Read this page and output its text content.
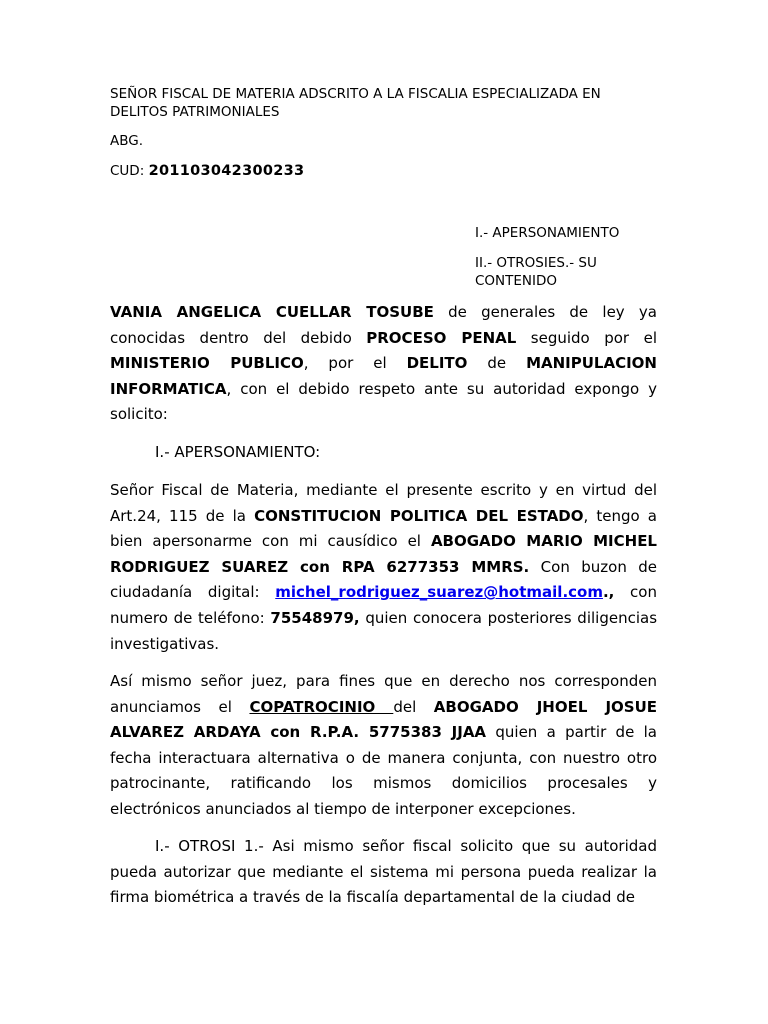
SEÑOR FISCAL DE MATERIA ADSCRITO A LA FISCALIA ESPECIALIZADA EN DELITOS PATRIMONIALES

ABG.

CUD: 201103042300233

I.- APERSONAMIENTO

II.- OTROSIES.- SU CONTENIDO

VANIA ANGELICA CUELLAR TOSUBE de generales de ley ya conocidas dentro del debido PROCESO PENAL seguido por el MINISTERIO PUBLICO, por el DELITO de MANIPULACION INFORMATICA, con el debido respeto ante su autoridad expongo y solicito:

I.- APERSONAMIENTO:

Señor Fiscal de Materia, mediante el presente escrito y en virtud del Art.24, 115 de la CONSTITUCION POLITICA DEL ESTADO, tengo a bien apersonarme con mi causídico el ABOGADO MARIO MICHEL RODRIGUEZ SUAREZ con RPA 6277353 MMRS. Con buzon de ciudadanía digital: michel_rodriguez_suarez@hotmail.com., con numero de teléfono: 75548979, quien conocera posteriores diligencias investigativas.

Así mismo señor juez, para fines que en derecho nos corresponden anunciamos el COPATROCINIO del ABOGADO JHOEL JOSUE ALVAREZ ARDAYA con R.P.A. 5775383 JJAA quien a partir de la fecha interactuara alternativa o de manera conjunta, con nuestro otro patrocinante, ratificando los mismos domicilios procesales y electrónicos anunciados al tiempo de interponer excepciones.

I.- OTROSI 1.- Asi mismo señor fiscal solicito que su autoridad pueda autorizar que mediante el sistema mi persona pueda realizar la firma biométrica a través de la fiscalía departamental de la ciudad de
